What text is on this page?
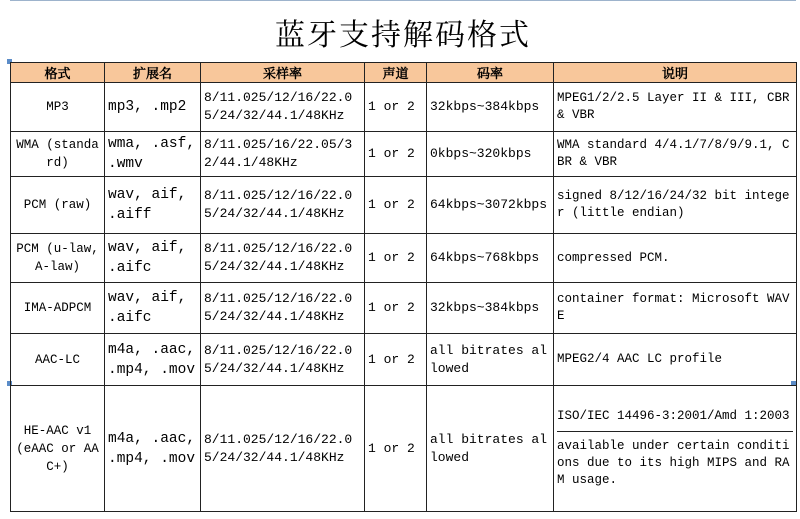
蓝牙支持解码格式
格式	扩展名	采样率	声道	码率	说明
MP3	mp3, .mp2	8/11.025/12/16/22.05/24/32/44.1/48KHz	1 or 2	32kbps~384kbps	MPEG1/2/2.5 Layer II & III, CBR & VBR
WMA (standard)	wma, .asf, .wmv	8/11.025/16/22.05/32/44.1/48KHz	1 or 2	0kbps~320kbps	WMA standard 4/4.1/7/8/9/9.1, CBR & VBR
PCM (raw)	wav, aif, .aiff	8/11.025/12/16/22.05/24/32/44.1/48KHz	1 or 2	64kbps~3072kbps	signed 8/12/16/24/32 bit integer (little endian)
PCM (u-law, A-law)	wav, aif, .aifc	8/11.025/12/16/22.05/24/32/44.1/48KHz	1 or 2	64kbps~768kbps	compressed PCM.
IMA-ADPCM	wav, aif, .aifc	8/11.025/12/16/22.05/24/32/44.1/48KHz	1 or 2	32kbps~384kbps	container format: Microsoft WAVE
AAC-LC	m4a, .aac, .mp4, .mov	8/11.025/12/16/22.05/24/32/44.1/48KHz	1 or 2	all bitrates allowed	MPEG2/4 AAC LC profile
HE-AAC v1 (eAAC or AAC+)	m4a, .aac, .mp4, .mov	8/11.025/12/16/22.05/24/32/44.1/48KHz	1 or 2	all bitrates allowed	ISO/IEC 14496-3:2001/Amd 1:2003
available under certain conditions due to its high MIPS and RAM usage.
